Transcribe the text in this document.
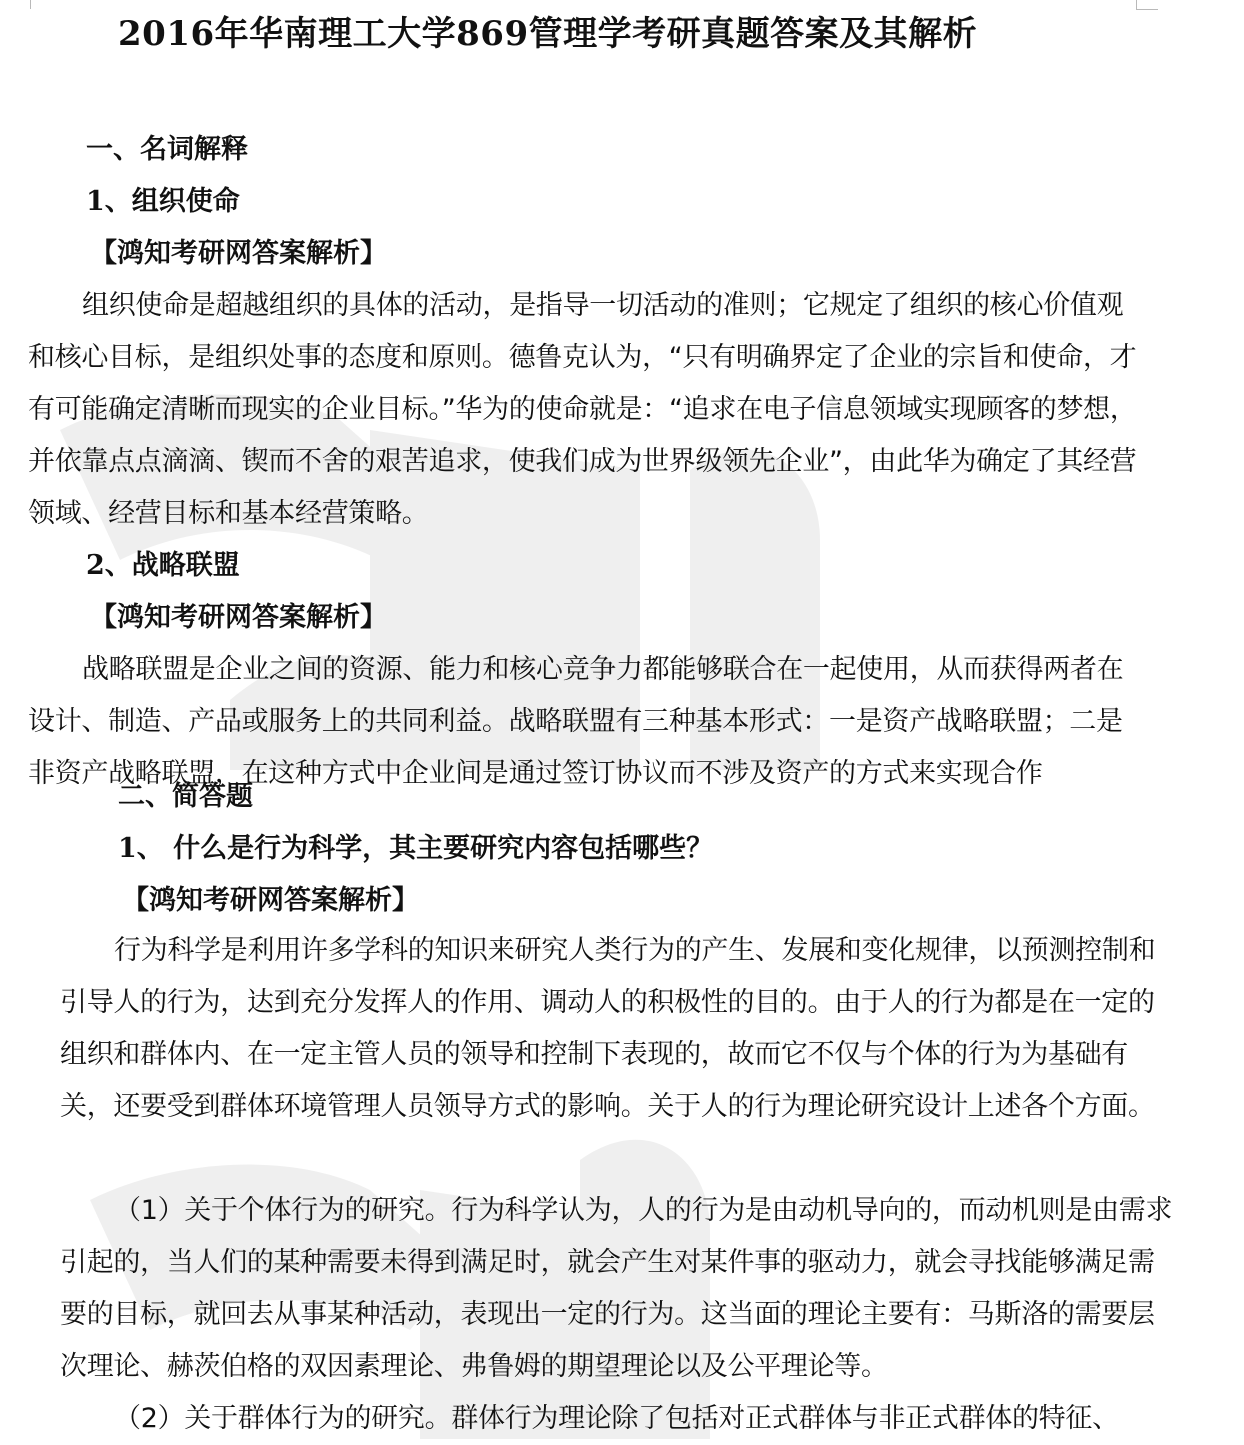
2016年华南理工大学869管理学考研真题答案及其解析
一、名词解释
1、组织使命
【鸿知考研网答案解析】

组织使命是超越组织的具体的活动，是指导一切活动的准则；它规定了组织的核心价值观和核心目标，是组织处事的态度和原则。德鲁克认为，“只有明确界定了企业的宗旨和使命，才有可能确定清晰而现实的企业目标。”华为的使命就是：“追求在电子信息领域实现顾客的梦想，并依靠点点滴滴、锲而不舍的艰苦追求，使我们成为世界级领先企业”，由此华为确定了其经营领域、经营目标和基本经营策略。

2、战略联盟
【鸿知考研网答案解析】

战略联盟是企业之间的资源、能力和核心竞争力都能够联合在一起使用，从而获得两者在设计、制造、产品或服务上的共同利益。战略联盟有三种基本形式：一是资产战略联盟；二是非资产战略联盟，在这种方式中企业间是通过签订协议而不涉及资产的方式来实现合作

二、简答题
1、 什么是行为科学，其主要研究内容包括哪些？
【鸿知考研网答案解析】

行为科学是利用许多学科的知识来研究人类行为的产生、发展和变化规律，以预测控制和引导人的行为，达到充分发挥人的作用、调动人的积极性的目的。由于人的行为都是在一定的组织和群体内、在一定主管人员的领导和控制下表现的，故而它不仅与个体的行为为基础有关，还要受到群体环境管理人员领导方式的影响。关于人的行为理论研究设计上述各个方面。

（1）关于个体行为的研究。行为科学认为，人的行为是由动机导向的，而动机则是由需求引起的，当人们的某种需要未得到满足时，就会产生对某件事的驱动力，就会寻找能够满足需要的目标，就回去从事某种活动，表现出一定的行为。这当面的理论主要有：马斯洛的需要层次理论、赫茨伯格的双因素理论、弗鲁姆的期望理论以及公平理论等。

（2）关于群体行为的研究。群体行为理论除了包括对正式群体与非正式群体的特征、
